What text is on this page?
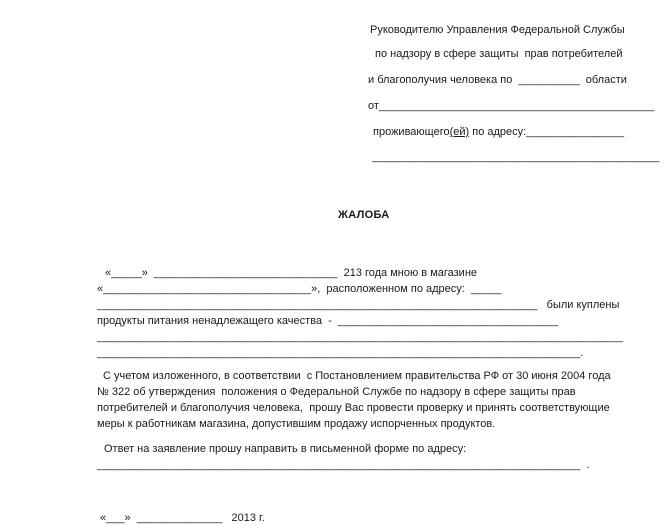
Руководителю Управления Федеральной Службы
по надзору в сфере защиты  прав потребителей
и благополучия человека по  __________  области
от_____________________________________________
проживающего(ей) по адресу:________________
_______________________________________________
ЖАЛОБА
«_____»  ______________________________  213 года мною в магазине
«__________________________________»,  расположенном по адресу:  _____
________________________________________________________________________   были куплены
продукты питания ненадлежащего качества  -  ____________________________________
______________________________________________________________________________________
_______________________________________________________________________________.
С учетом изложенного, в соответствии  с Постановлением правительства РФ от 30 июня 2004 года
№ 322 об утверждения  положения о Федеральной Службе по надзору в сфере защиты прав
потребителей и благополучия человека,  прошу Вас провести проверку и принять соответствующие
меры к работникам магазина, допустившим продажу испорченных продуктов.
Ответ на заявление прошу направить в письменной форме по адресу:
_______________________________________________________________________________  .
«___»  ______________   2013 г.
